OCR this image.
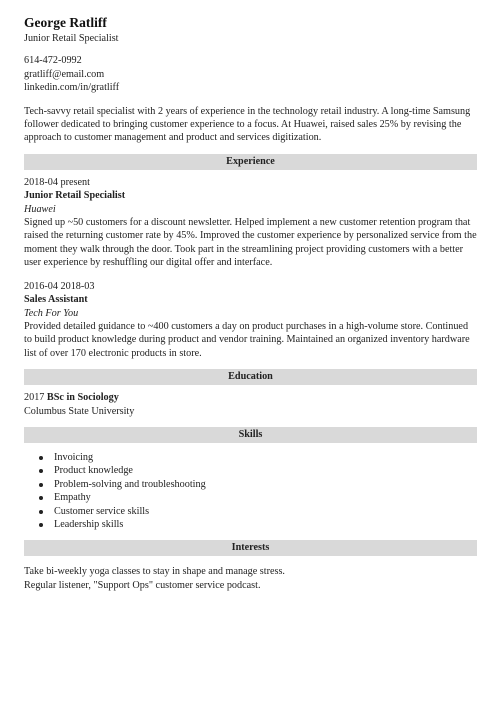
George Ratliff
Junior Retail Specialist
614-472-0992
gratliff@email.com
linkedin.com/in/gratliff
Tech-savvy retail specialist with 2 years of experience in the technology retail industry. A long-time Samsung follower dedicated to bringing customer experience to a focus. At Huawei, raised sales 25% by revising the approach to customer management and product and services digitization.
Experience
2018-04 present
Junior Retail Specialist
Huawei
Signed up ~50 customers for a discount newsletter. Helped implement a new customer retention program that raised the returning customer rate by 45%. Improved the customer experience by personalized service from the moment they walk through the door. Took part in the streamlining project providing customers with a better user experience by reshuffling our digital offer and interface.
2016-04 2018-03
Sales Assistant
Tech For You
Provided detailed guidance to ~400 customers a day on product purchases in a high-volume store. Continued to build product knowledge during product and vendor training. Maintained an organized inventory hardware list of over 170 electronic products in store.
Education
2017 BSc in Sociology
Columbus State University
Skills
Invoicing
Product knowledge
Problem-solving and troubleshooting
Empathy
Customer service skills
Leadership skills
Interests
Take bi-weekly yoga classes to stay in shape and manage stress.
Regular listener, "Support Ops" customer service podcast.
